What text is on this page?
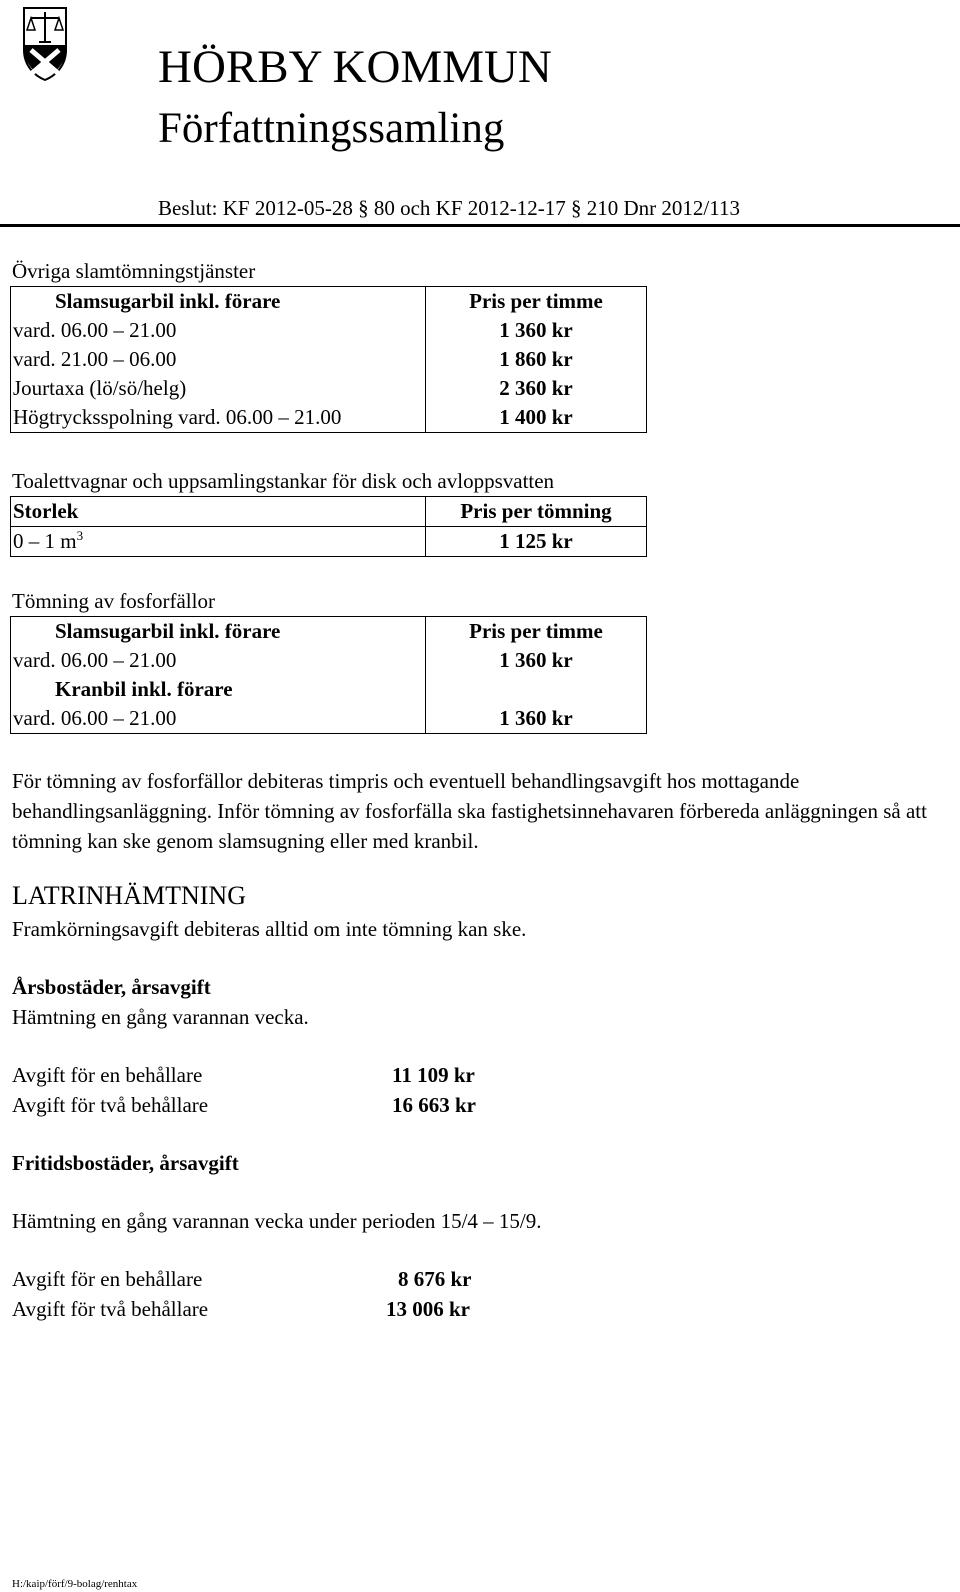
HÖRBY KOMMUN
Författningssamling
Beslut: KF 2012-05-28 § 80 och KF 2012-12-17 § 210 Dnr 2012/113
Övriga slamtömningstjänster
Slamsugarbil inkl. förare	Pris per timme
vard. 06.00 – 21.00	1 360 kr
vard. 21.00 – 06.00	1 860 kr
Jourtaxa (lö/sö/helg)	2 360 kr
Högtrycksspolning vard. 06.00 – 21.00	1 400 kr
Toalettvagnar och uppsamlingstankar för disk och avloppsvatten
Storlek	Pris per tömning
0 – 1 $m^3$	1 125 kr
Tömning av fosforfällor
Slamsugarbil inkl. förare	Pris per timme
vard. 06.00 – 21.00	1 360 kr
Kranbil inkl. förare	
vard. 06.00 – 21.00	1 360 kr
För tömning av fosforfällor debiteras timpris och eventuell behandlingsavgift hos mottagande behandlingsanläggning. Inför tömning av fosforfälla ska fastighetsinnehavaren förbereda anläggningen så att tömning kan ske genom slamsugning eller med kranbil.
LATRINHÄMTNING
Framkörningsavgift debiteras alltid om inte tömning kan ske.
Årsbostäder, årsavgift
Hämtning en gång varannan vecka.
Avgift för en behållare	11 109 kr
Avgift för två behållare	16 663 kr
Fritidsbostäder, årsavgift
Hämtning en gång varannan vecka under perioden 15/4 – 15/9.
Avgift för en behållare	8 676 kr
Avgift för två behållare	13 006 kr
H:/kaip/förf/9-bolag/renhtax
